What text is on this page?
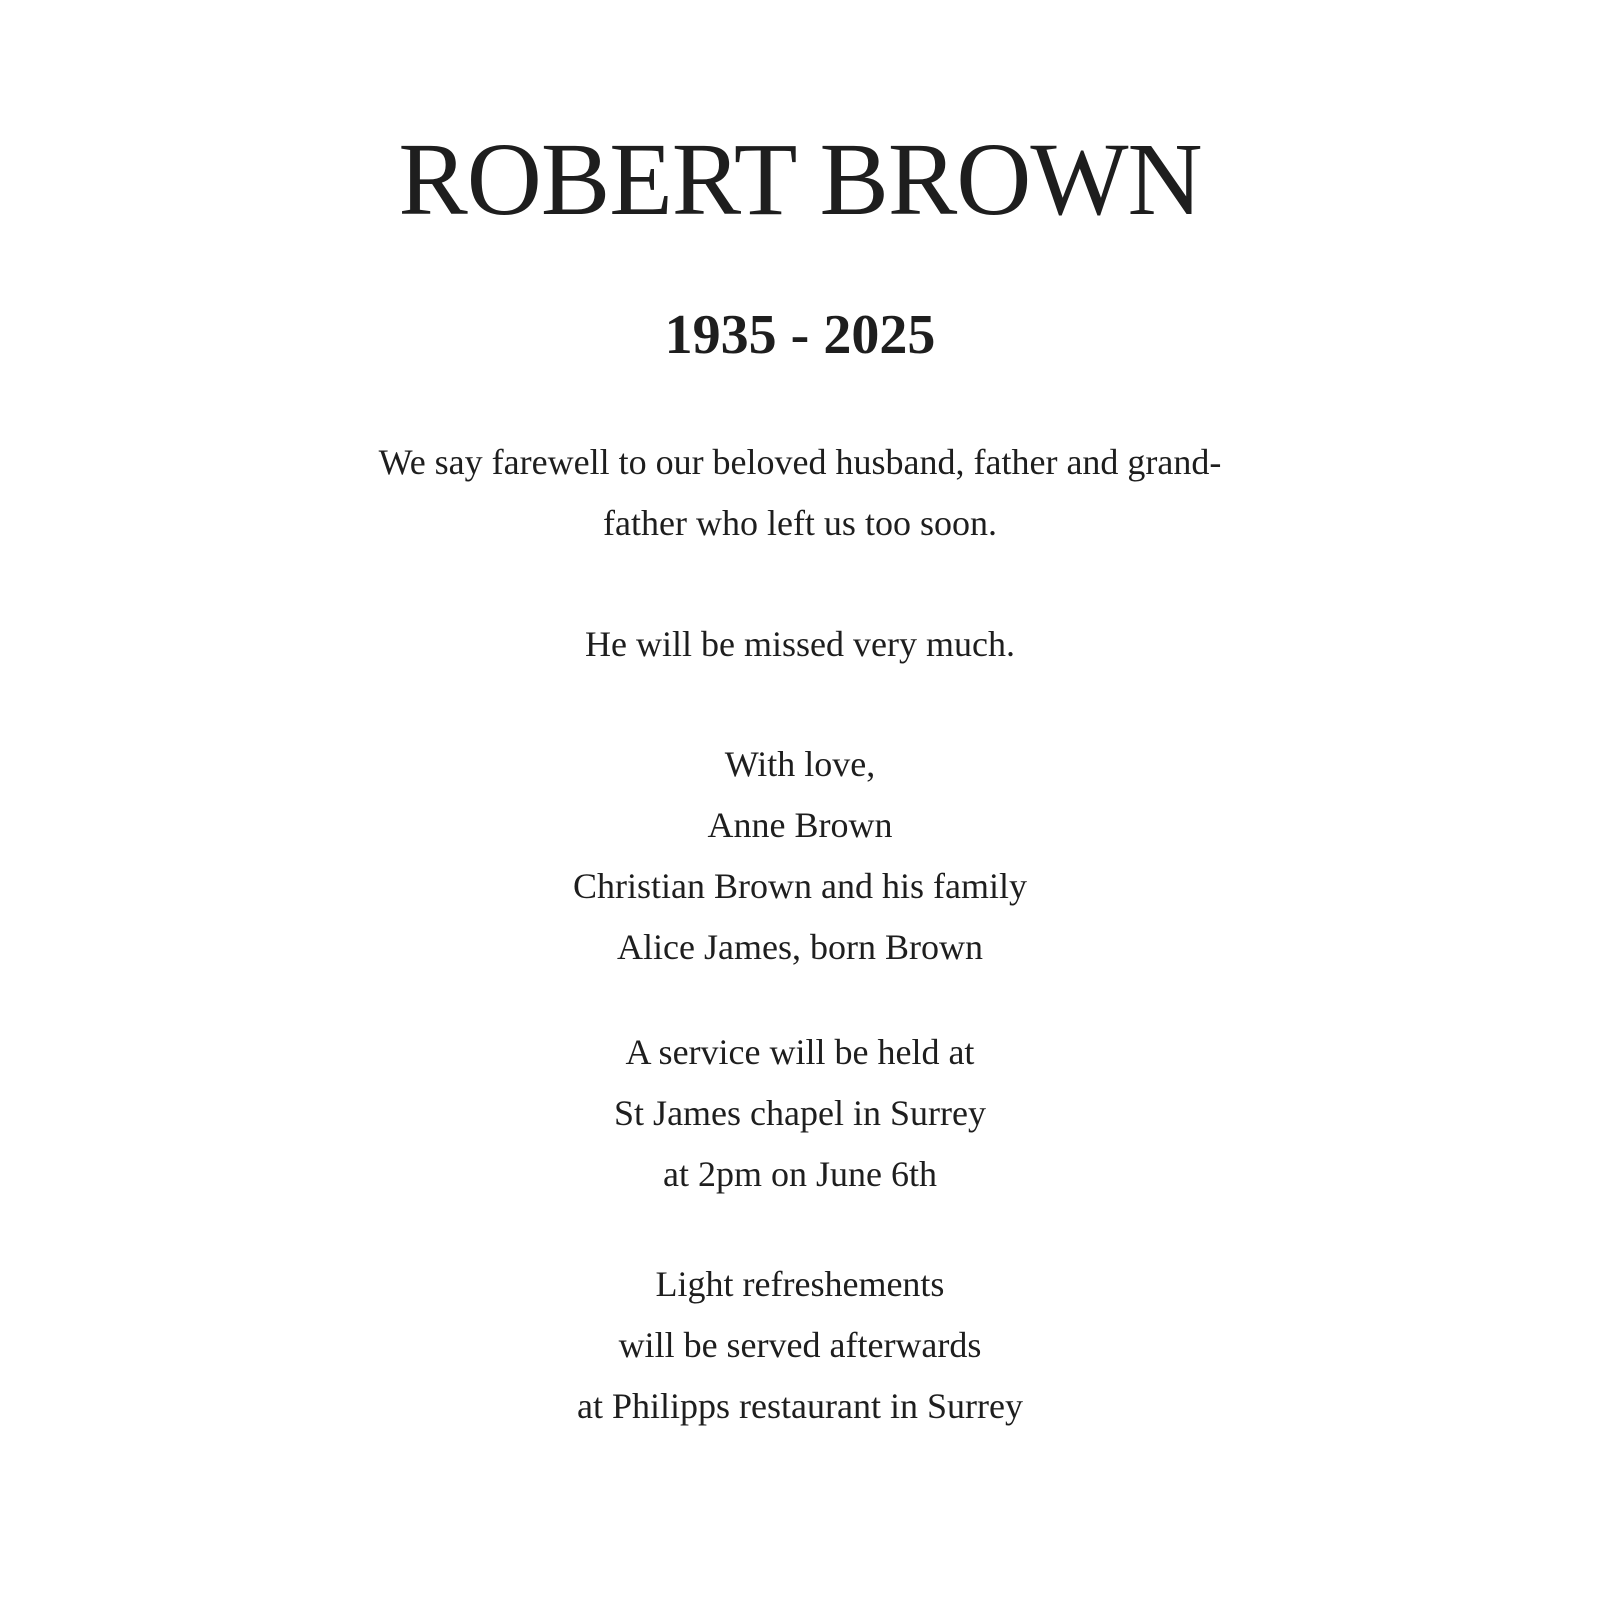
ROBERT BROWN
1935 - 2025

We say farewell to our beloved husband, father and grand-
father who left us too soon.

He will be missed very much.

With love,
Anne Brown
Christian Brown and his family
Alice James, born Brown

A service will be held at
St James chapel in Surrey
at 2pm on June 6th

Light refreshements
will be served afterwards
at Philipps restaurant in Surrey
